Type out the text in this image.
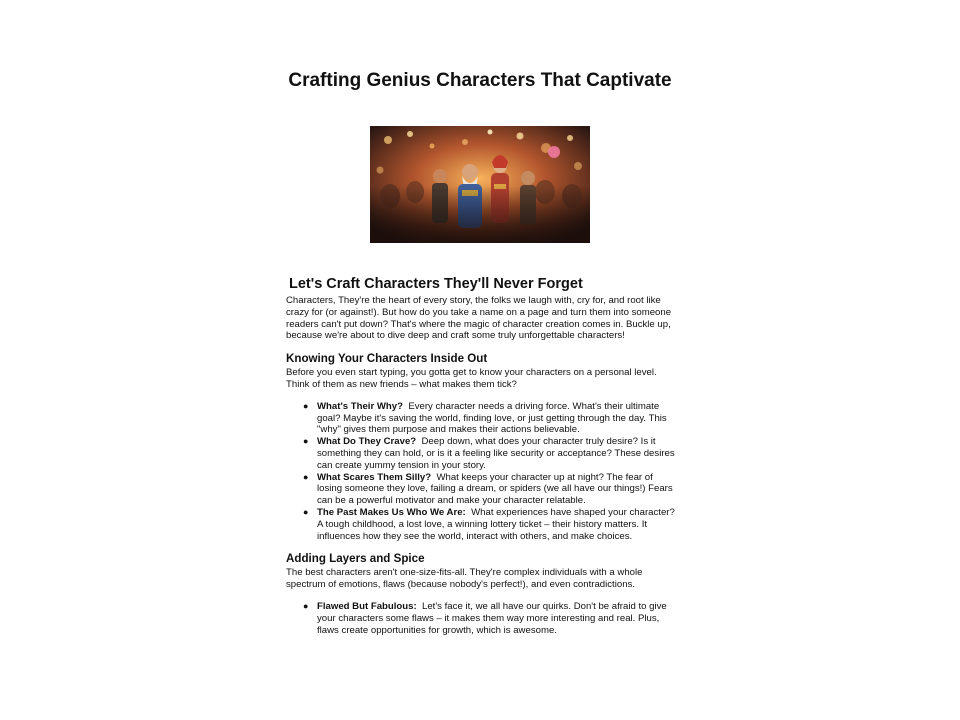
Crafting Genius Characters That Captivate
Let's Craft Characters They'll Never Forget

Characters, They're the heart of every story, the folks we laugh with, cry for, and root like crazy for (or against!). But how do you take a name on a page and turn them into someone readers can't put down? That's where the magic of character creation comes in. Buckle up, because we're about to dive deep and craft some truly unforgettable characters!

Knowing Your Characters Inside Out

Before you even start typing, you gotta get to know your characters on a personal level. Think of them as new friends – what makes them tick?

● What's Their Why? Every character needs a driving force. What's their ultimate goal? Maybe it's saving the world, finding love, or just getting through the day. This "why" gives them purpose and makes their actions believable.
● What Do They Crave? Deep down, what does your character truly desire? Is it something they can hold, or is it a feeling like security or acceptance? These desires can create yummy tension in your story.
● What Scares Them Silly? What keeps your character up at night? The fear of losing someone they love, failing a dream, or spiders (we all have our things!) Fears can be a powerful motivator and make your character relatable.
● The Past Makes Us Who We Are: What experiences have shaped your character? A tough childhood, a lost love, a winning lottery ticket – their history matters. It influences how they see the world, interact with others, and make choices.
Adding Layers and Spice

The best characters aren't one-size-fits-all. They're complex individuals with a whole spectrum of emotions, flaws (because nobody's perfect!), and even contradictions.

● Flawed But Fabulous: Let's face it, we all have our quirks. Don't be afraid to give your characters some flaws – it makes them way more interesting and real. Plus, flaws create opportunities for growth, which is awesome.
